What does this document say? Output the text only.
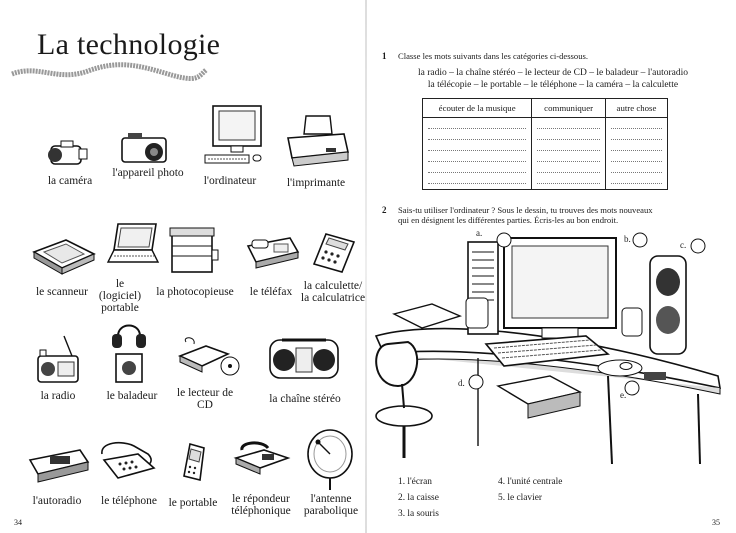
La technologie
la caméra
l'appareil photo
l'ordinateur	l'imprimante
le scanneur
le (logiciel) portable
la photocopieuse	le téléfax	la calculette/ la calculatrice
la radio	le baladeur	le lecteur de CD	la chaîne stéréo
l'autoradio	le téléphone	le portable	le répondeur téléphonique
l'antenne parabolique
34
1 Classe les mots suivants dans les catégories ci-dessous.
la radio – la chaîne stéréo – le lecteur de CD – le baladeur – l'autoradio
la télécopie – le portable – le téléphone – la caméra – la calculette
écouter de la musique	communiquer	autre chose

2 Sais-tu utiliser l'ordinateur ? Sous le dessin, tu trouves des mots nouveaux
qui en désignent les différentes parties. Écris-les au bon endroit.
a.
b.
c.
d.
e.
1. l'écran
2. la caisse
3. la souris
4. l'unité centrale
5. le clavier
35
